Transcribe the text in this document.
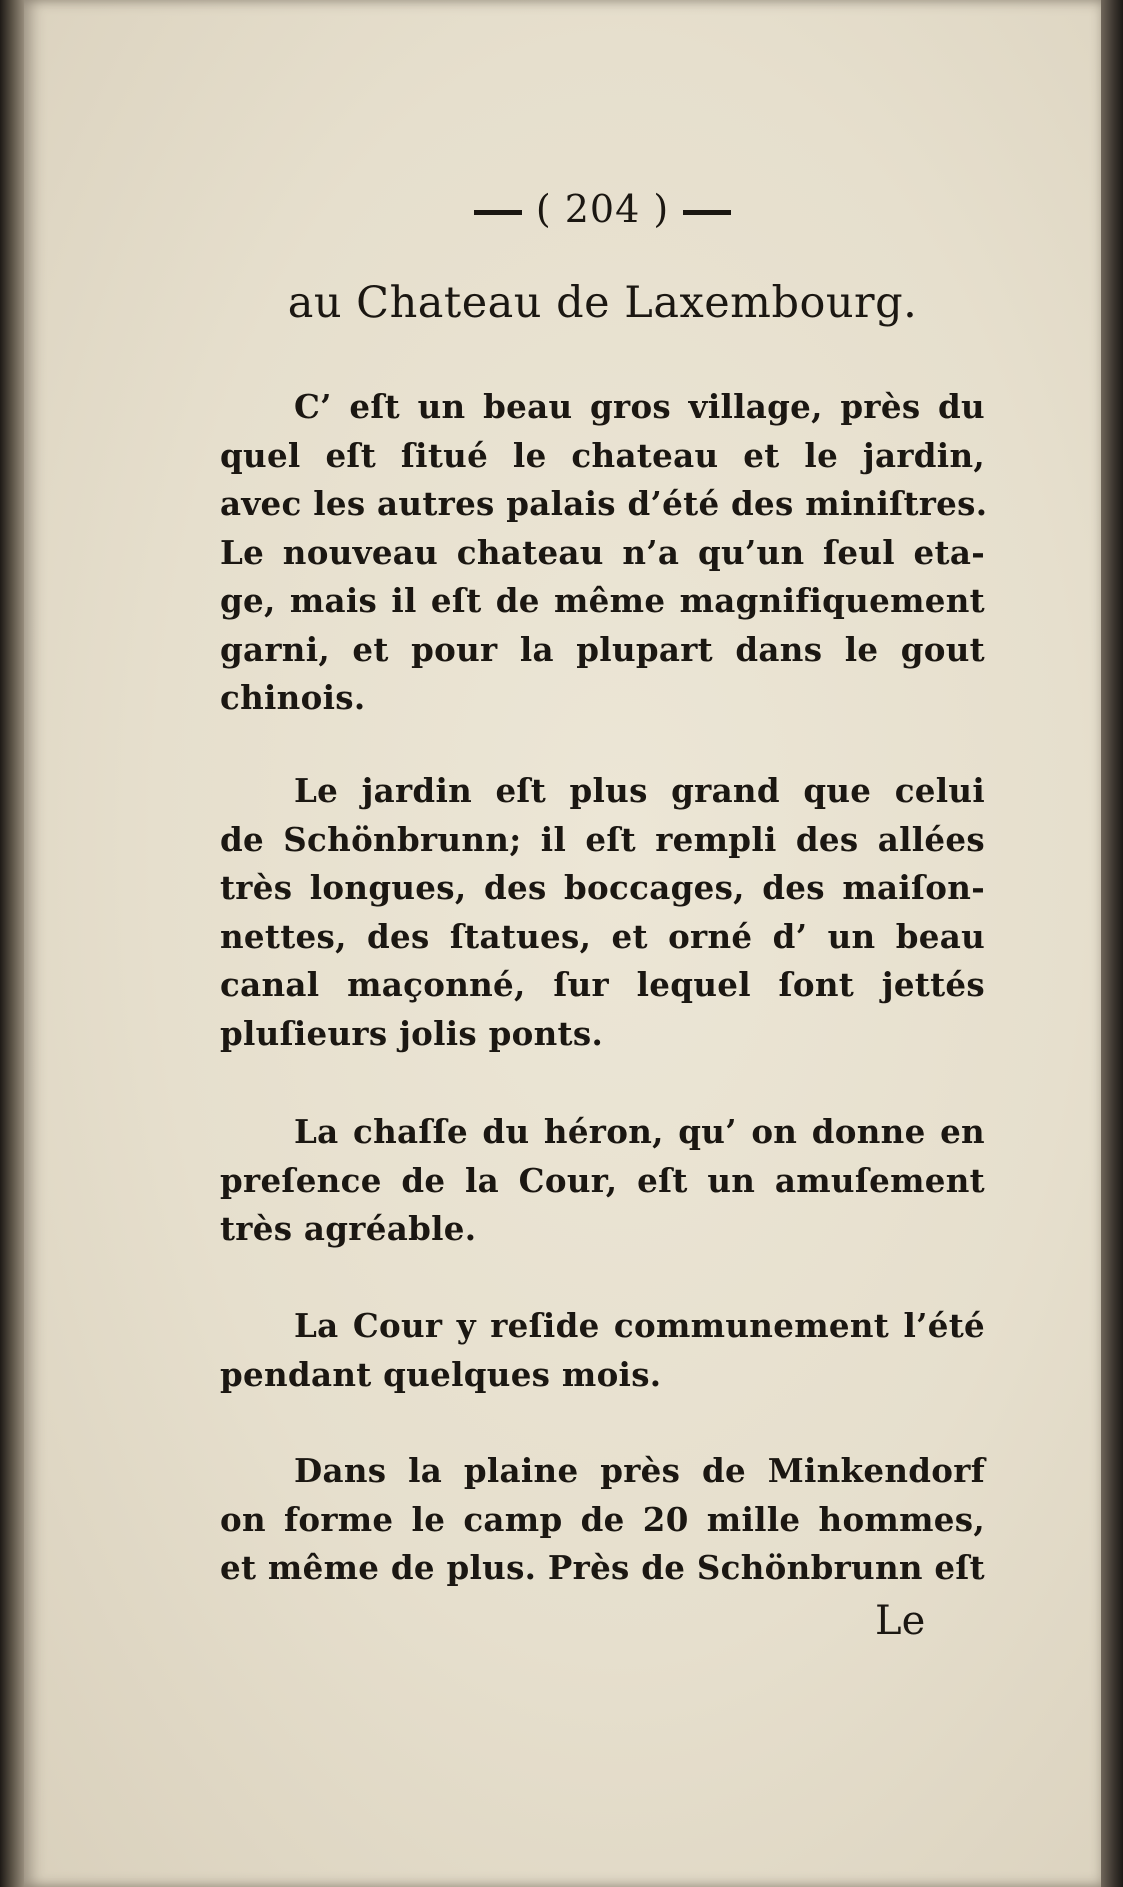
( 204 )
au Chateau de Laxembourg.
C’ eſt un beau gros village, près du
quel eſt ſitué le chateau et le jardin,
avec les autres palais d’été des miniſtres.
Le nouveau chateau n’a qu’un ſeul eta-
ge, mais il eſt de même magnifiquement
garni, et pour la plupart dans le gout
chinois.
Le jardin eſt plus grand que celui
de Schönbrunn; il eſt rempli des allées
très longues, des boccages, des maiſon-
nettes, des ſtatues, et orné d’ un beau
canal maçonné, ſur lequel ſont jettés
pluſieurs jolis ponts.
La chaſſe du héron, qu’ on donne en
preſence de la Cour, eſt un amuſement
très agréable.
La Cour y reſide communement l’été
pendant quelques mois.
Dans la plaine près de Minkendorf
on forme le camp de 20 mille hommes,
et même de plus. Près de Schönbrunn eſt
Le
